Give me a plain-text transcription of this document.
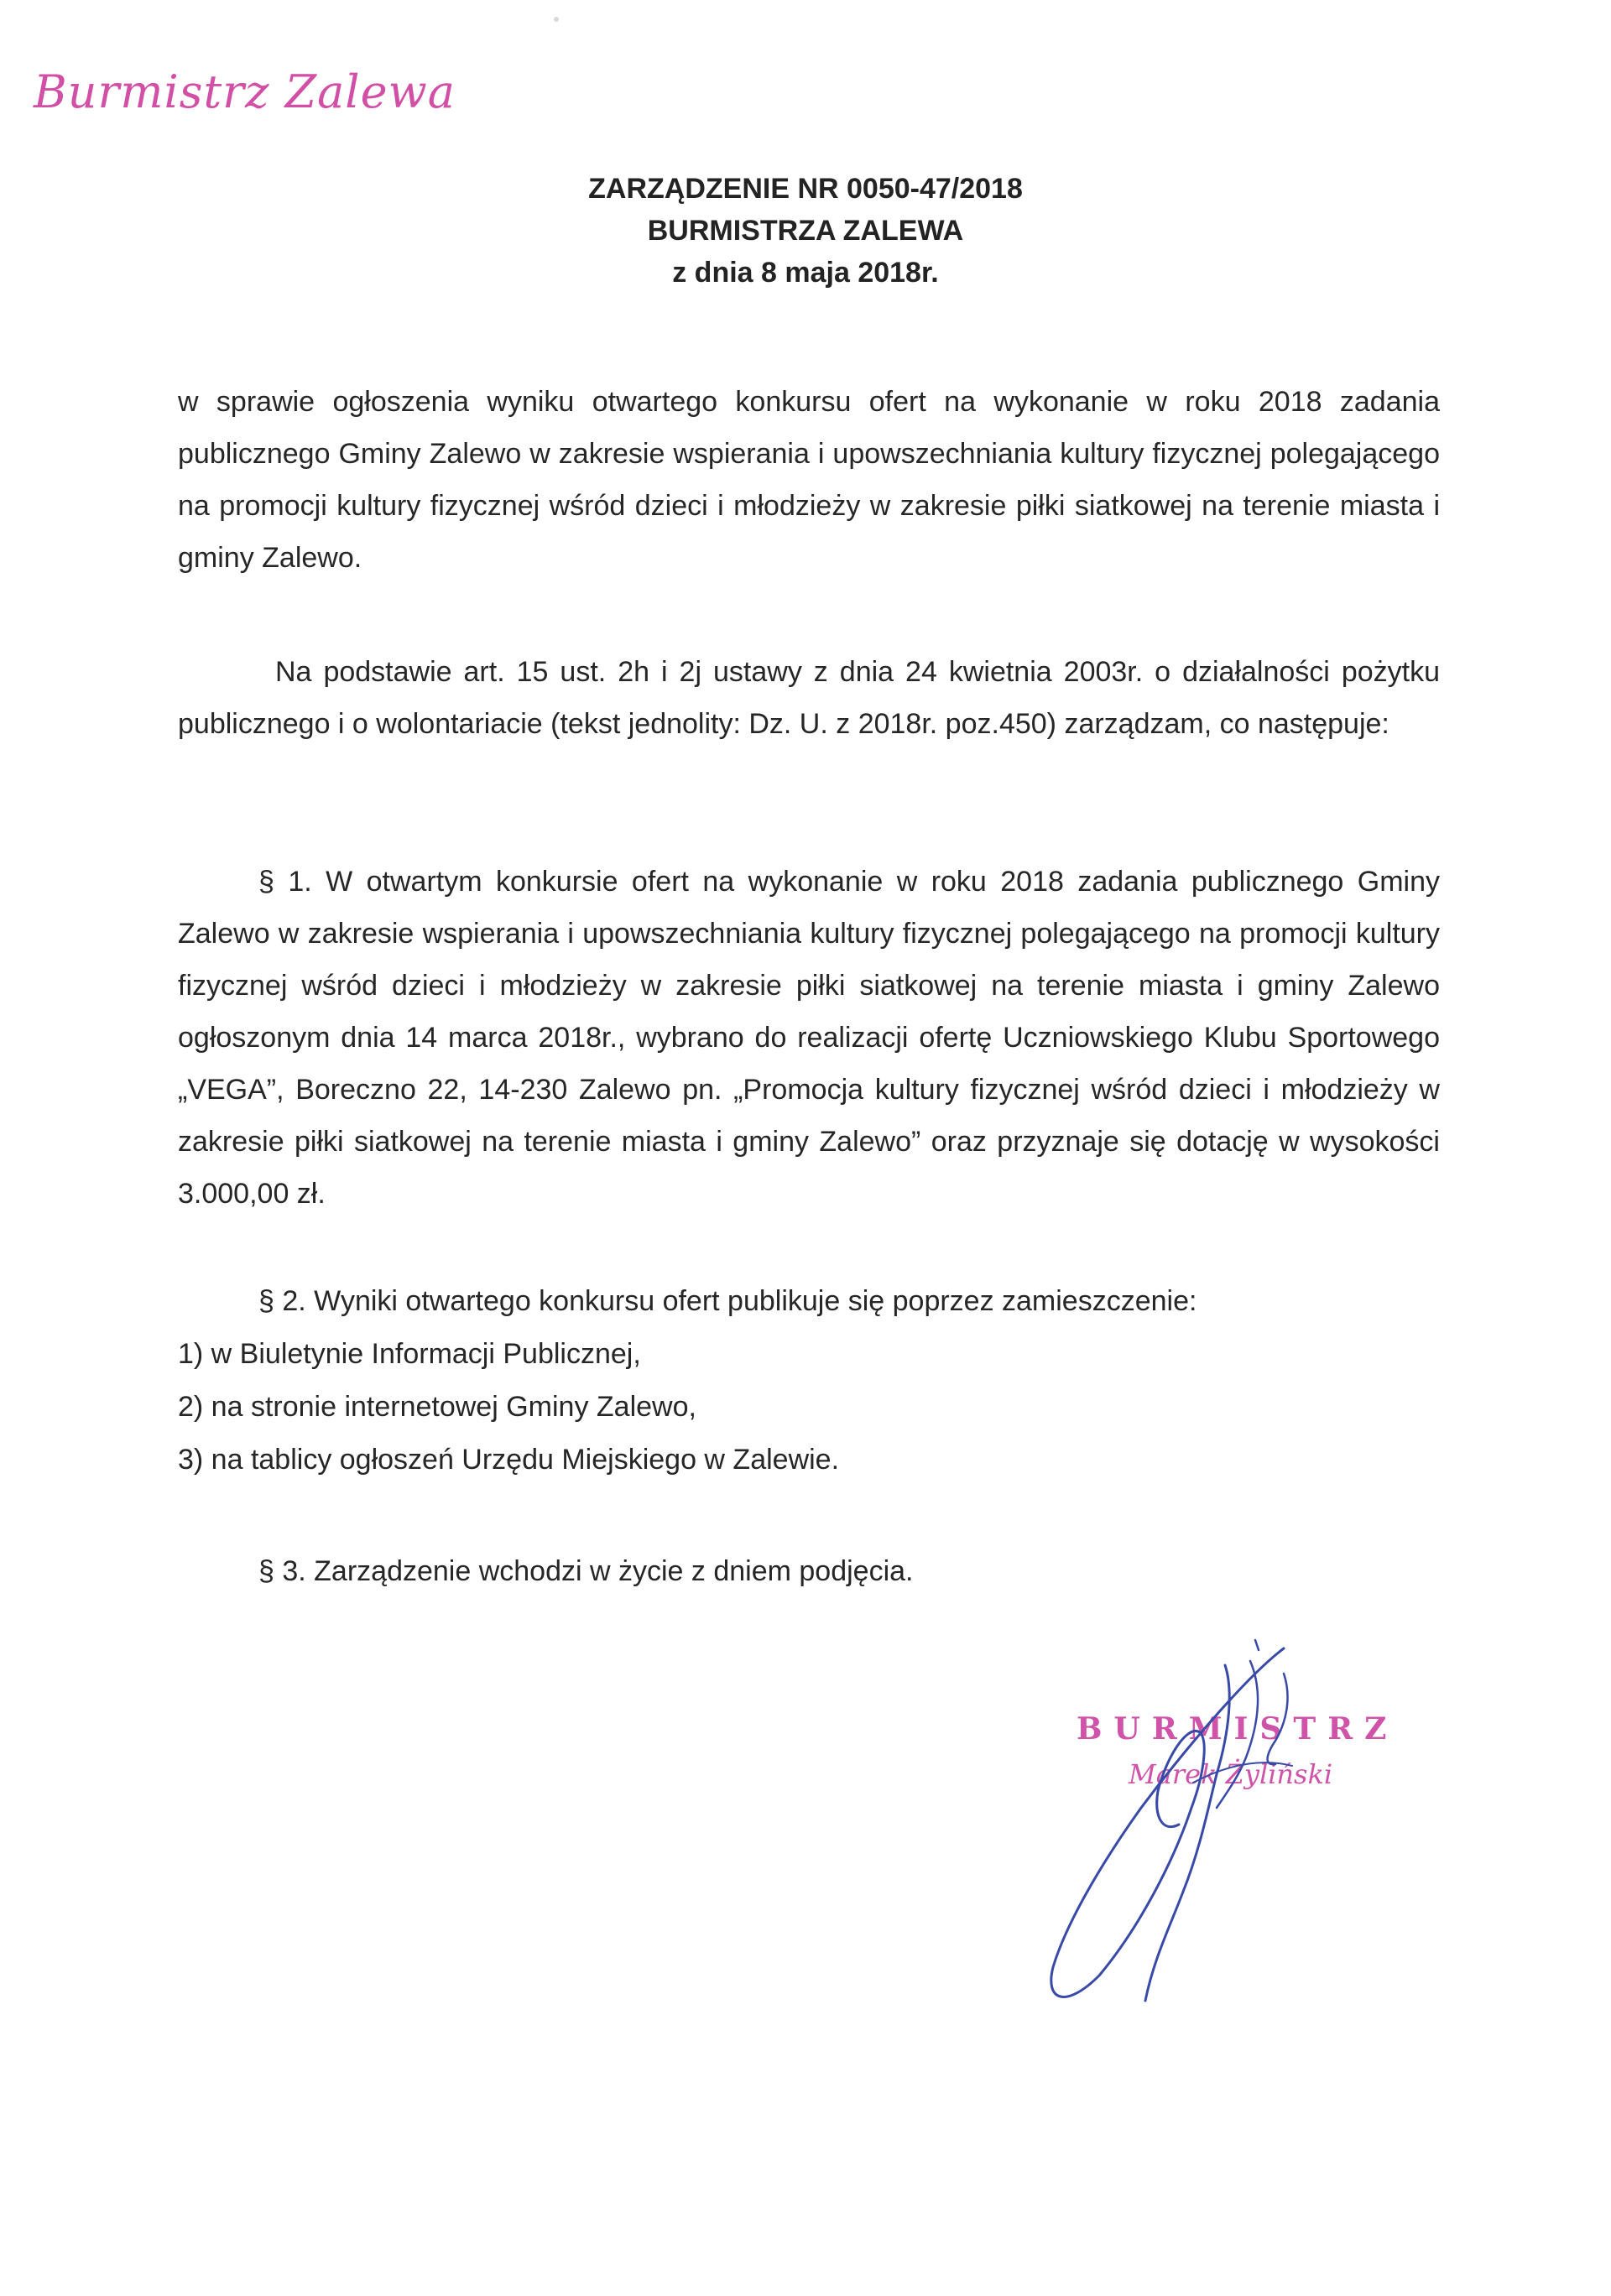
Burmistrz Zalewa
ZARZĄDZENIE NR 0050-47/2018
BURMISTRZA ZALEWA
z dnia 8 maja 2018r.
w sprawie ogłoszenia wyniku otwartego konkursu ofert na wykonanie w roku 2018 zadania publicznego Gminy Zalewo w zakresie wspierania i upowszechniania kultury fizycznej polegającego na promocji kultury fizycznej wśród dzieci i młodzieży w zakresie piłki siatkowej na terenie miasta i gminy Zalewo.
Na podstawie art. 15 ust. 2h i 2j ustawy z dnia 24 kwietnia 2003r. o działalności pożytku publicznego i o wolontariacie (tekst jednolity: Dz. U. z 2018r. poz.450) zarządzam, co następuje:
§ 1. W otwartym konkursie ofert na wykonanie w roku 2018 zadania publicznego Gminy Zalewo w zakresie wspierania i upowszechniania kultury fizycznej polegającego na promocji kultury fizycznej wśród dzieci i młodzieży w zakresie piłki siatkowej na terenie miasta i gminy Zalewo ogłoszonym dnia 14 marca 2018r., wybrano do realizacji ofertę Uczniowskiego Klubu Sportowego „VEGA”, Boreczno 22, 14-230 Zalewo pn. „Promocja kultury fizycznej wśród dzieci i młodzieży w zakresie piłki siatkowej na terenie miasta i gminy Zalewo” oraz przyznaje się dotację w wysokości 3.000,00 zł.
§ 2. Wyniki otwartego konkursu ofert publikuje się poprzez zamieszczenie:
1) w Biuletynie Informacji Publicznej,
2) na stronie internetowej Gminy Zalewo,
3) na tablicy ogłoszeń Urzędu Miejskiego w Zalewie.
§ 3. Zarządzenie wchodzi w życie z dniem podjęcia.
BURMISTRZ
Marek Żyliński
